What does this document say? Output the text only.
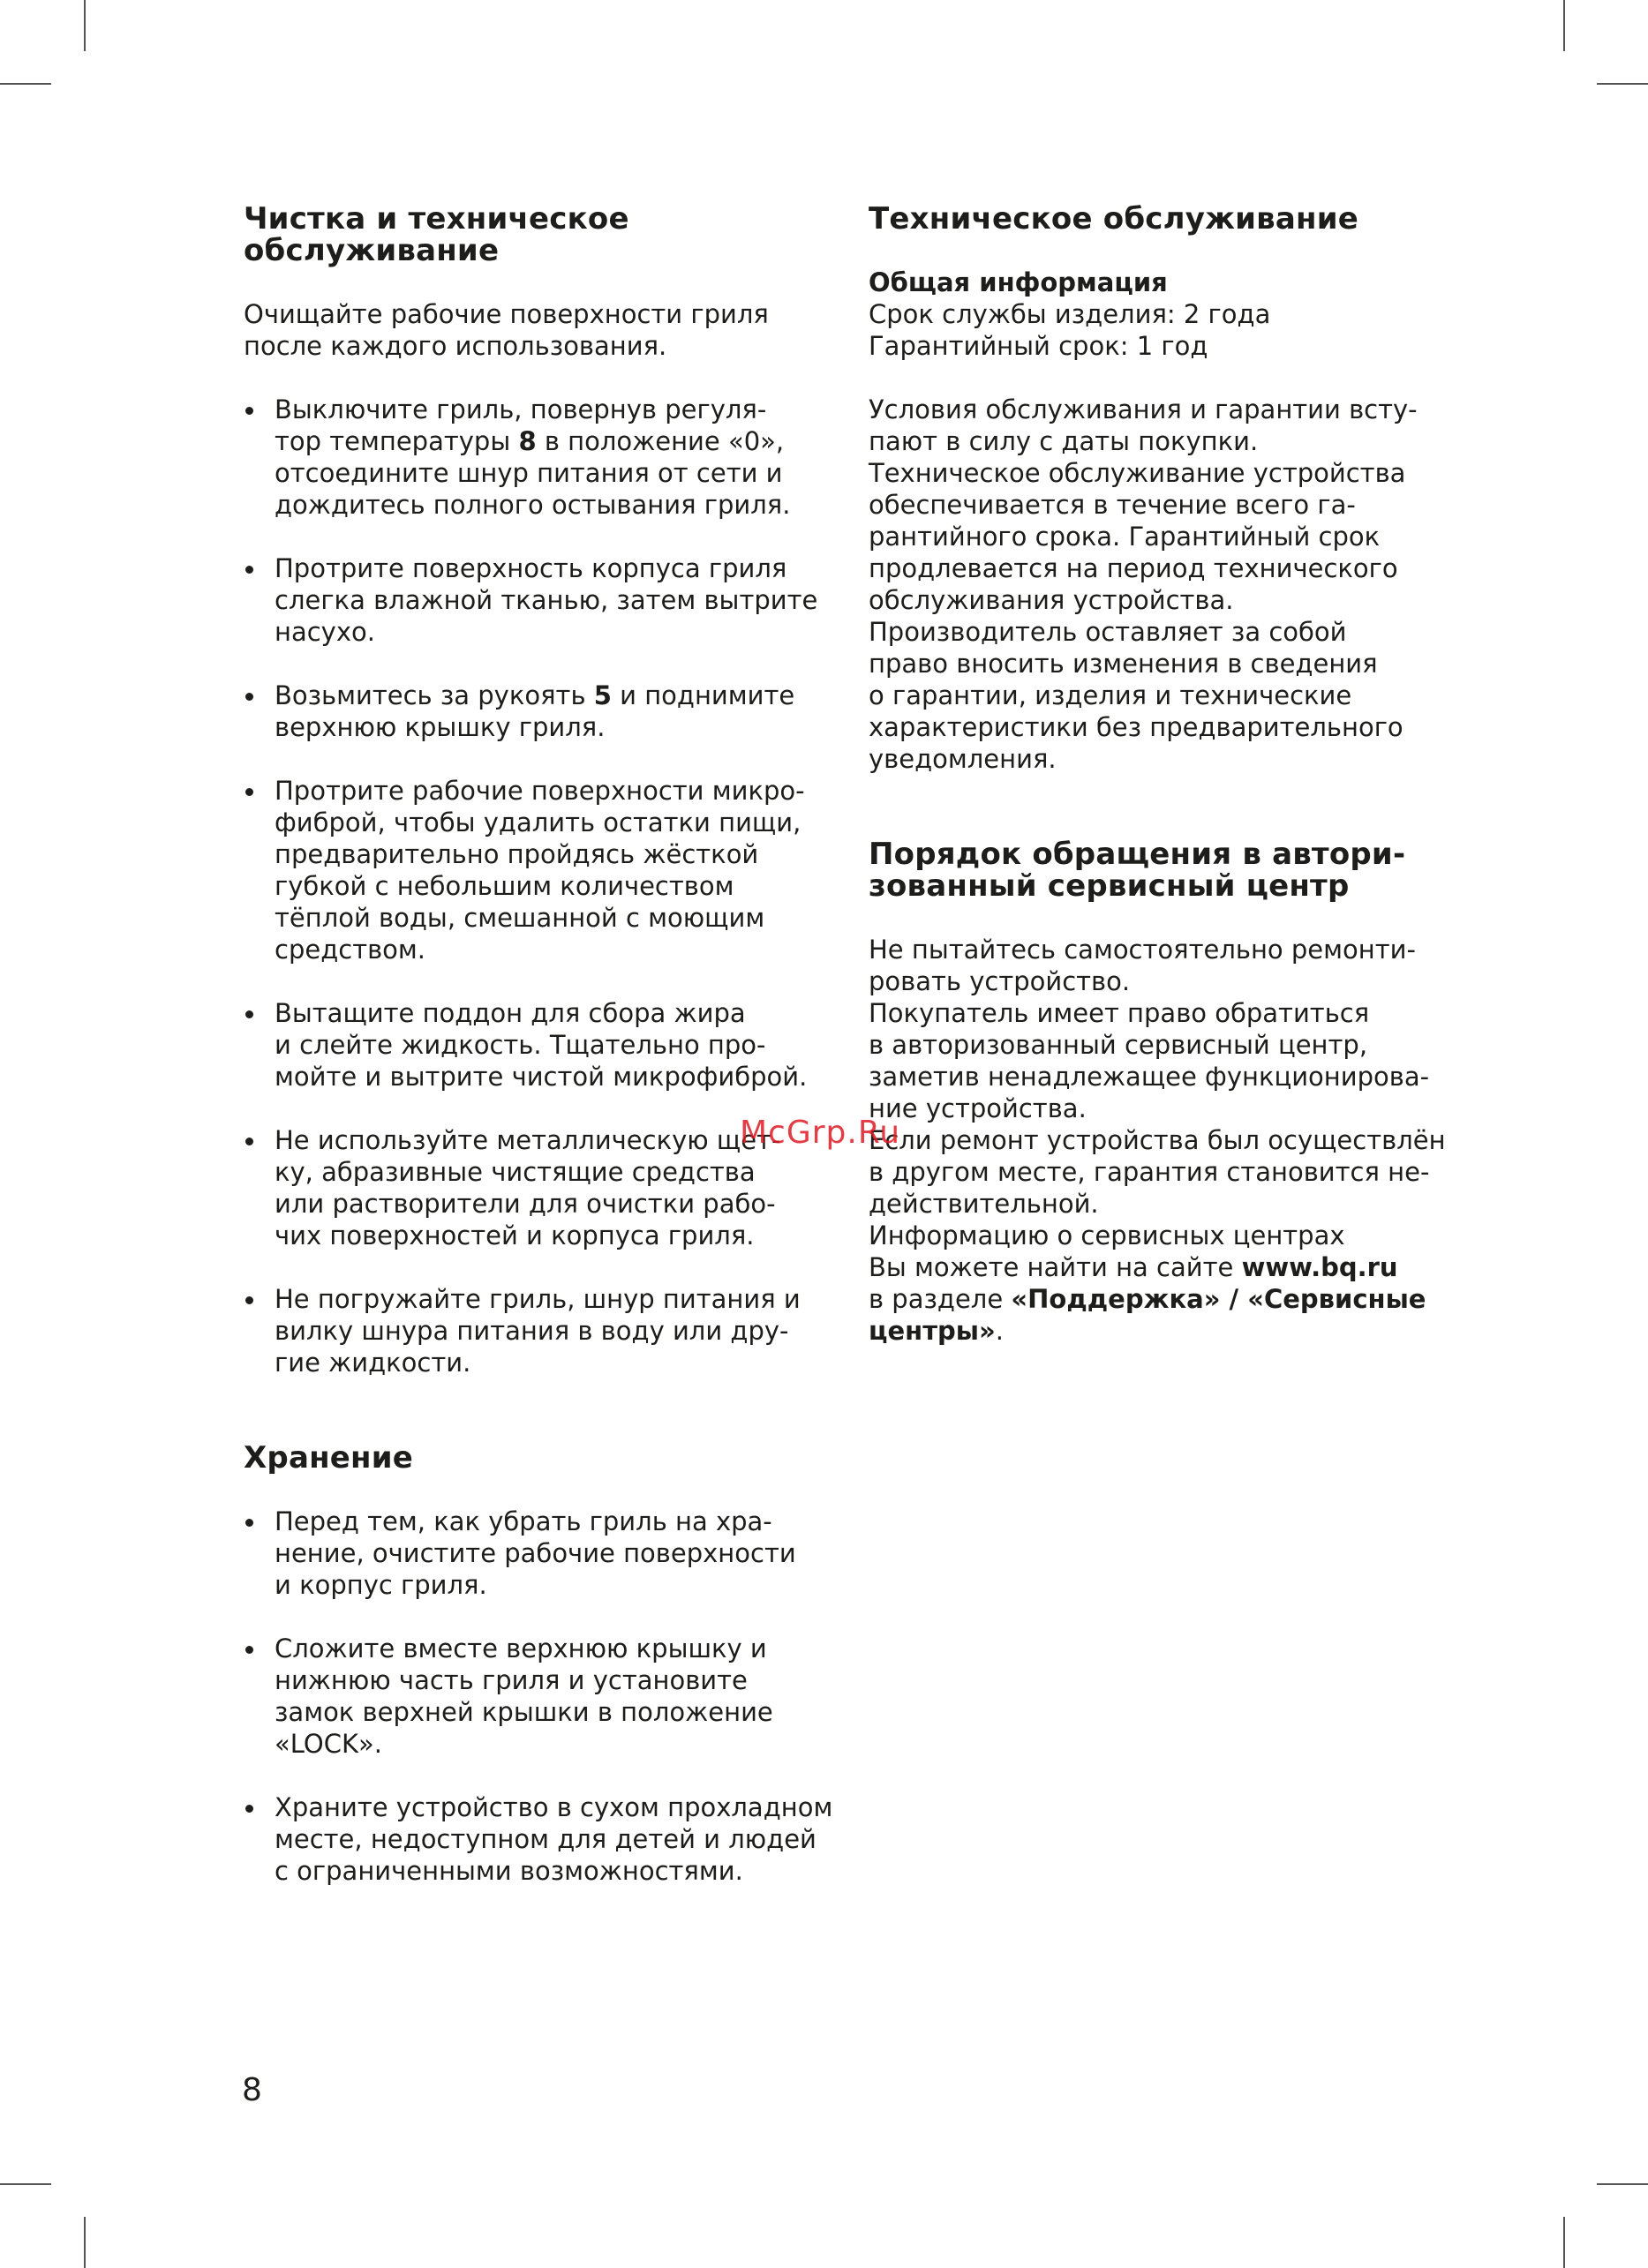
Чистка и техническое
обслуживание

Очищайте рабочие поверхности гриля
после каждого использования.

Выключите гриль, повернув регуля-
тор температуры 8 в положение «0»,
отсоедините шнур питания от сети и
дождитесь полного остывания гриля.
Протрите поверхность корпуса гриля
слегка влажной тканью, затем вытрите
насухо.
Возьмитесь за рукоять 5 и поднимите
верхнюю крышку гриля.
Протрите рабочие поверхности микро-
фиброй, чтобы удалить остатки пищи,
предварительно пройдясь жёсткой
губкой с небольшим количеством
тёплой воды, смешанной с моющим
средством.
Вытащите поддон для сбора жира
и слейте жидкость. Тщательно про-
мойте и вытрите чистой микрофиброй.
Не используйте металлическую щет-
ку, абразивные чистящие средства
или растворители для очистки рабо-
чих поверхностей и корпуса гриля.
Не погружайте гриль, шнур питания и
вилку шнура питания в воду или дру-
гие жидкости.
Хранение
Перед тем, как убрать гриль на хра-
нение, очистите рабочие поверхности
и корпус гриля.
Сложите вместе верхнюю крышку и
нижнюю часть гриля и установите
замок верхней крышки в положение
«LOCK».
Храните устройство в сухом прохладном
месте, недоступном для детей и людей
с ограниченными возможностями.
Техническое обслуживание

Общая информация
Срок службы изделия: 2 года
Гарантийный срок: 1 год

Условия обслуживания и гарантии всту-
пают в силу с даты покупки.
Техническое обслуживание устройства
обеспечивается в течение всего га-
рантийного срока. Гарантийный срок
продлевается на период технического
обслуживания устройства.
Производитель оставляет за собой
право вносить изменения в сведения
о гарантии, изделия и технические
характеристики без предварительного
уведомления.

Порядок обращения в автори-
зованный сервисный центр

Не пытайтесь самостоятельно ремонти-
ровать устройство.
Покупатель имеет право обратиться
в авторизованный сервисный центр,
заметив ненадлежащее функционирова-
ние устройства.
Если ремонт устройства был осуществлён
в другом месте, гарантия становится не-
действительной.
Информацию о сервисных центрах
Вы можете найти на сайте www.bq.ru
в разделе «Поддержка» / «Сервисные
центры».

McGrp.Ru
8
